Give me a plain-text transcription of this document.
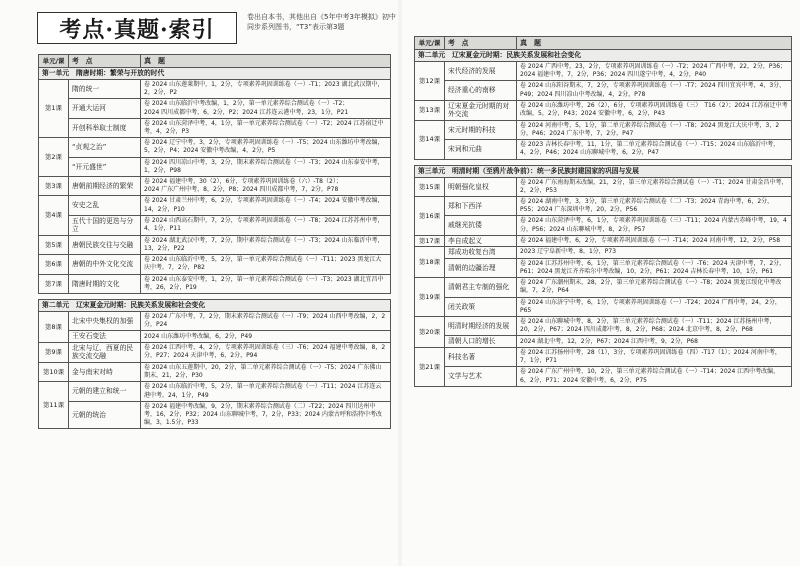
考点·真题·索引	卷出自本书，其他出自《5年中考3年模拟》初中同步系列图书，“T3”表示第3题
单元/课	考　点	真　题
第一单元　隋唐时期：繁荣与开放的时代		
第1课	隋的统一	卷 2024 山东莲莱期中，1，2分，专项素养巩固训练卷（一）-T1；2023 湖北武汉期中，2，2分，P2

	开通大运河	卷 2024 山东临沂中考改编，1，2分，第一单元素养综合测试卷（一）-T2；
2024 四川成都中考，6，2分，P2；2024 江苏连云港中考，23，1分，P21

	开创科举取士制度	卷 2024 山东菏泽中考，4，1分，第一单元素养综合测试卷（一）-T2；2024 江苏宿迁中考，4，2分，P3

第2课	“贞观之治”	卷 2024 辽宁中考，3，2分，专项素养巩固训练卷（一）-T5；2024 山东潍坊中考改编，5，2分，P4；2024 安徽中考改编，4，2分，P5

	“开元盛世”	卷 2024 四川凉山中考，3，2分，期末素养综合测试卷（一）-T3；2024 山东泰安中考，1，2分，P98

第3课	唐朝前期经济的繁荣	卷 2024 福建中考，30（2），6分，专项素养巩固训练卷（六）-T8（2）；
2024 广东广州中考，8，2分，P8；2024 四川成都中考，7，2分，P78

第4课	安史之乱	卷 2024 甘肃兰州中考，6，2分，专项素养巩固训练卷（一）-T4；2024 安徽中考改编，14，2分，P10

	五代十国的更迭与分立	卷 2024 山西高石期中，7，2分，专项素养巩固训练卷（一）-T8；2024 江苏苏州中考，4，1分，P11

第5课	唐朝民族交往与交融	卷 2024 湖北武汉中考，7，2分，期中素养综合测试卷（一）-T3；2024 山东临沂中考，13，2分，P22

第6课	唐朝的中外文化交流	卷 2024 山东临沂中考，5，2分，第一单元素养综合测试卷（一）-T11；2023 黑龙江大庆中考，7，2分，P82

第7课	隋唐时期的文化	卷 2024 山东泰安中考，1，2分，第一单元素养综合测试卷（一）-T3；2023 湖北宜昌中考，26，2分，P19

第二单元　辽宋夏金元时期：民族关系发展和社会变化		
第8课	北宋中央集权的加强	卷 2024 广东中考，7，2分，期末素养综合测试卷（一）-T9；2024 山西中考改编，2，2分，P24

	王安石变法	2024 山东潍坊中考改编，6，2分，P49

第9课	北宋与辽、西夏的民族交流交融	卷 2024 江西中考，4，2分，专项素养巩固训练卷（三）-T6；2024 福建中考改编，8，2分，P27；2024 天津中考，6，2分，P94

第10课	金与南宋对峙	卷 2024 山东五莲期中，20，2分，第二单元素养综合测试卷（一）-T5；2024 广东佛山期末，21，2分，P30

第11课	元朝的建立和统一	卷 2024 山东临沂中考，5，2分，第一单元素养综合测试卷（一）-T11；2024 江苏连云港中考，24，1分，P49

	元朝的统治	卷 2024 福建中考改编，9，2分，期末素养综合测试卷（二）-T22；2024 四川达州中考，16，2分，P32；2024 山东聊城中考，7，2分，P33；2024 内蒙古呼和浩特中考改编，3，1.5分，P33
单元/课	考　点	真　题
第二单元　辽宋夏金元时期：民族关系发展和社会变化		
第12课	宋代经济的发展	卷 2024 广西中考，23，2分，专项素养巩固训练卷（一）-T2；2024 广西中考，22，2分，P36；2024 福建中考，7，2分，P36；2024 四川遂宁中考，4，2分，P40

	经济重心的南移	卷 2024 山东阳谷期末，7，2分，专项素养巩固训练卷（一）-T7；2024 四川宜宾中考，4，3分，P49；2024 四川凉山中考改编，4，2分，P78

第13课	辽宋夏金元时期的对外交流	卷 2024 山东潍坊中考，26（2），6分，专项素养巩固训练卷（三）　T16（2）；2024 江苏宿迁中考改编，5，2分，P43；2024 安徽中考，6，2分，P43

第14课	宋元时期的科技	卷 2024 河南中考，5，1分，第二单元素养综合测试卷（一）-T8；2024 黑龙江大庆中考，3，2分，P46；2024 广东中考，7，2分，P47

	宋词和元曲	卷 2023 吉林长春中考，11，1分，第二单元素养综合测试卷（一）-T15；2024 山东临沂中考，4，2分，P46；2024 山东聊城中考，6，2分，P47

第三单元　明清时期（至鸦片战争前）：统一多民族封建国家的巩固与发展		
第15课	明朝强化皇权	卷 2024 广东南海期末改编，21，2分，第三单元素养综合测试卷（一）-T1；2024 甘肃金昌中考，2，2分，P53

第16课	郑和下西洋	卷 2024 湖南中考，3，3分，第三单元素养综合测试卷（二）-T3；2024 青海中考，6，2分，P55；2024 广东深圳中考，20，2分，P56

	戚继光抗倭	卷 2024 山东菏泽中考，6，1分，专项素养巩固训练卷（三）-T11；2024 内蒙古赤峰中考，19，4分，P56；2024 山东聊城中考，8，2分，P57

第17课	李自成起义	卷 2024 福建中考，6，2分，专项素养巩固训练卷（一）-T14；2024 河南中考，12，2分，P58

第18课	郑成功收复台湾	2023 辽宁阜新中考，8，1分，P73

	清朝的边疆治理	卷 2024 江苏苏州中考，6，1分，第三单元素养综合测试卷（一）-T6；2024 天津中考，7，2分，P61；2024 黑龙江齐齐哈尔中考改编，10，2分，P61；2024 吉林长春中考，10，1分，P61

第19课	清朝君主专制的强化	卷 2024 广东潮州期末，28，2分，第三单元素养综合测试卷（一）-T8；2024 黑龙江绥化中考改编，7，2分，P64

	闭关政策	卷 2024 山东济宁中考，6，1分，专项素养巩固训练卷（一）-T24；2024 广西中考，24，2分，P65

第20课	明清时期经济的发展	卷 2024 山东聊城中考，8，2分，第三单元素养综合测试卷（一）-T11；2024 江苏扬州中考，20，2分，P67；2024 四川成都中考，8，2分，P68；2024 北京中考，8，2分，P68

	清朝人口的增长	2024 湖北中考，12，2分，P67；2024 江西中考，9，2分，P68

第21课	科技名著	卷 2024 江苏扬州中考，28（1），3分，专项素养巩固训练卷（四）-T17（1）；2024 河南中考，7，1分，P71

	文学与艺术	卷 2024 广东广州中考，10，2分，第三单元素养综合测试卷（一）-T14；2024 江西中考改编，6，2分，P71；2024 安徽中考，6，2分，P75
